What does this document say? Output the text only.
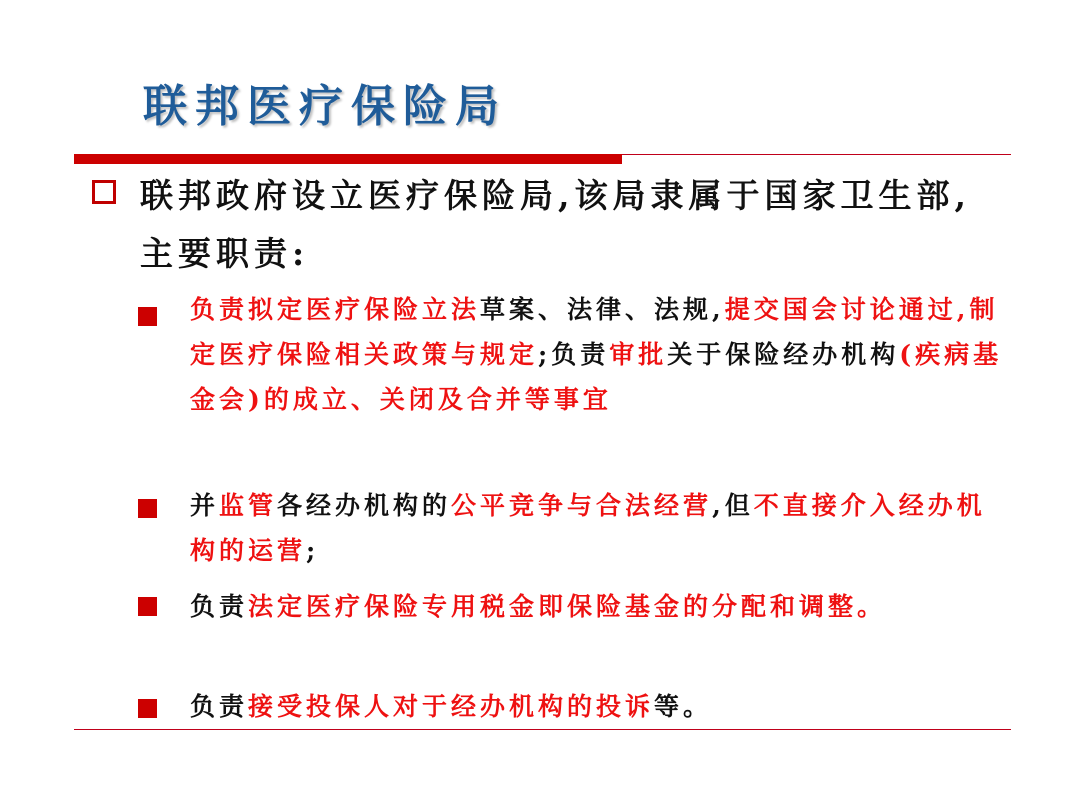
联邦医疗保险局
联邦政府设立医疗保险局,该局隶属于国家卫生部,主要职责:
负责拟定医疗保险立法草案、法律、法规,提交国会讨论通过,制定医疗保险相关政策与规定;负责审批关于保险经办机构(疾病基金会)的成立、关闭及合并等事宜
并监管各经办机构的公平竞争与合法经营,但不直接介入经办机构的运营;
负责法定医疗保险专用税金即保险基金的分配和调整。
负责接受投保人对于经办机构的投诉等。
